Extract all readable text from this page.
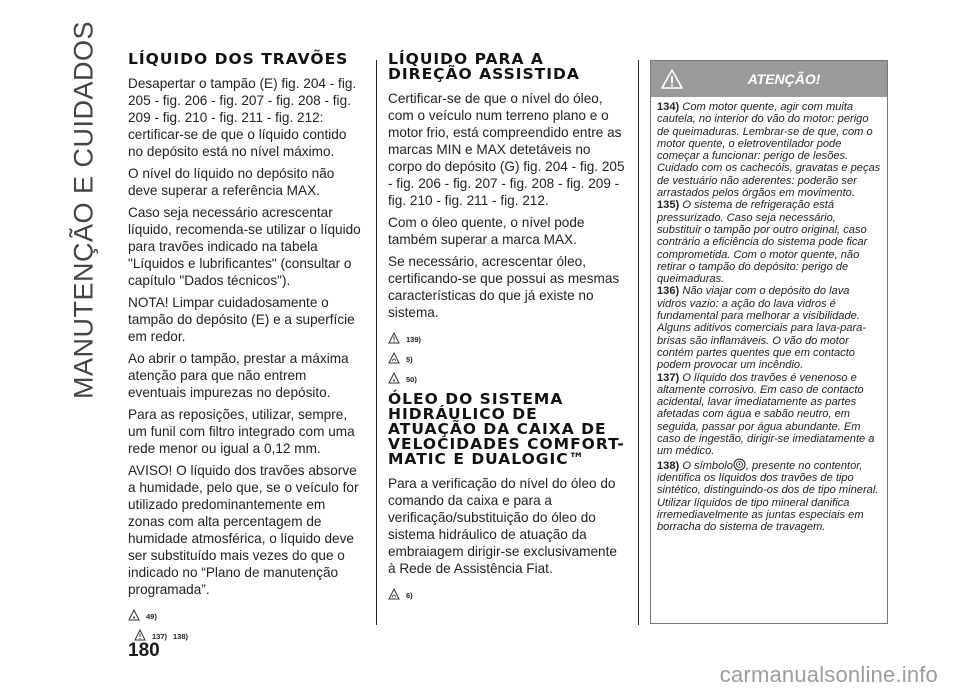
MANUTENÇÃO E CUIDADOS LÍQUIDO DOS TRAVÕES

Desapertar o tampão (E) fig. 204 - fig. 205 - fig. 206 - fig. 207 - fig. 208 - fig. 209 - fig. 210 - fig. 211 - fig. 212: certificar-se de que o líquido contido no depósito está no nível máximo.

O nível do líquido no depósito não deve superar a referência MAX.

Caso seja necessário acrescentar líquido, recomenda-se utilizar o líquido para travões indicado na tabela "Líquidos e lubrificantes" (consultar o capítulo "Dados técnicos").

NOTA! Limpar cuidadosamente o tampão do depósito (E) e a superfície em redor.

Ao abrir o tampão, prestar a máxima atenção para que não entrem eventuais impurezas no depósito.

Para as reposições, utilizar, sempre, um funil com filtro integrado com uma rede menor ou igual a 0,12 mm.

AVISO! O líquido dos travões absorve a humidade, pelo que, se o veículo for utilizado predominantemente em zonas com alta percentagem de humidade atmosférica, o líquido deve ser substituído mais vezes do que o indicado no “Plano de manutenção programada”.

49)
137) 138)
LÍQUIDO PARA A DIREÇÃO ASSISTIDA

Certificar-se de que o nível do óleo, com o veículo num terreno plano e o motor frio, está compreendido entre as marcas MIN e MAX detetáveis no corpo do depósito (G) fig. 204 - fig. 205 - fig. 206 - fig. 207 - fig. 208 - fig. 209 - fig. 210 - fig. 211 - fig. 212.

Com o óleo quente, o nível pode também superar a marca MAX.

Se necessário, acrescentar óleo, certificando-se que possui as mesmas características do que já existe no sistema.

139)
5)
50)
ÓLEO DO SISTEMA HIDRÁULICO DE ATUAÇÃO DA CAIXA DE VELOCIDADES COMFORT-MATIC E DUALOGIC™

Para a verificação do nível do óleo do comando da caixa e para a verificação/substituição do óleo do sistema hidráulico de atuação da embraiagem dirigir-se exclusivamente à Rede de Assistência Fiat.

6)
ATENÇÃO!

134) Com motor quente, agir com muita cautela, no interior do vão do motor: perigo de queimaduras. Lembrar-se de que, com o motor quente, o eletroventilador pode começar a funcionar: perigo de lesões. Cuidado com os cachecóis, gravatas e peças de vestuário não aderentes: poderão ser arrastados pelos órgãos em movimento.

135) O sistema de refrigeração está pressurizado. Caso seja necessário, substituir o tampão por outro original, caso contrário a eficiência do sistema pode ficar comprometida. Com o motor quente, não retirar o tampão do depósito: perigo de queimaduras.

136) Não viajar com o depósito do lava vidros vazio: a ação do lava vidros é fundamental para melhorar a visibilidade. Alguns aditivos comerciais para lava-para-brisas são inflamáveis. O vão do motor contém partes quentes que em contacto podem provocar um incêndio.

137) O líquido dos travões é venenoso e altamente corrosivo. Em caso de contacto acidental, lavar imediatamente as partes afetadas com água e sabão neutro, em seguida, passar por água abundante. Em caso de ingestão, dirigir-se imediatamente a um médico.

138) O símbolo , presente no contentor, identifica os líquidos dos travões de tipo sintético, distinguindo-os dos de tipo mineral. Utilizar líquidos de tipo mineral danifica irremediavelmente as juntas especiais em borracha do sistema de travagem.

180
carmanualsonline.info
